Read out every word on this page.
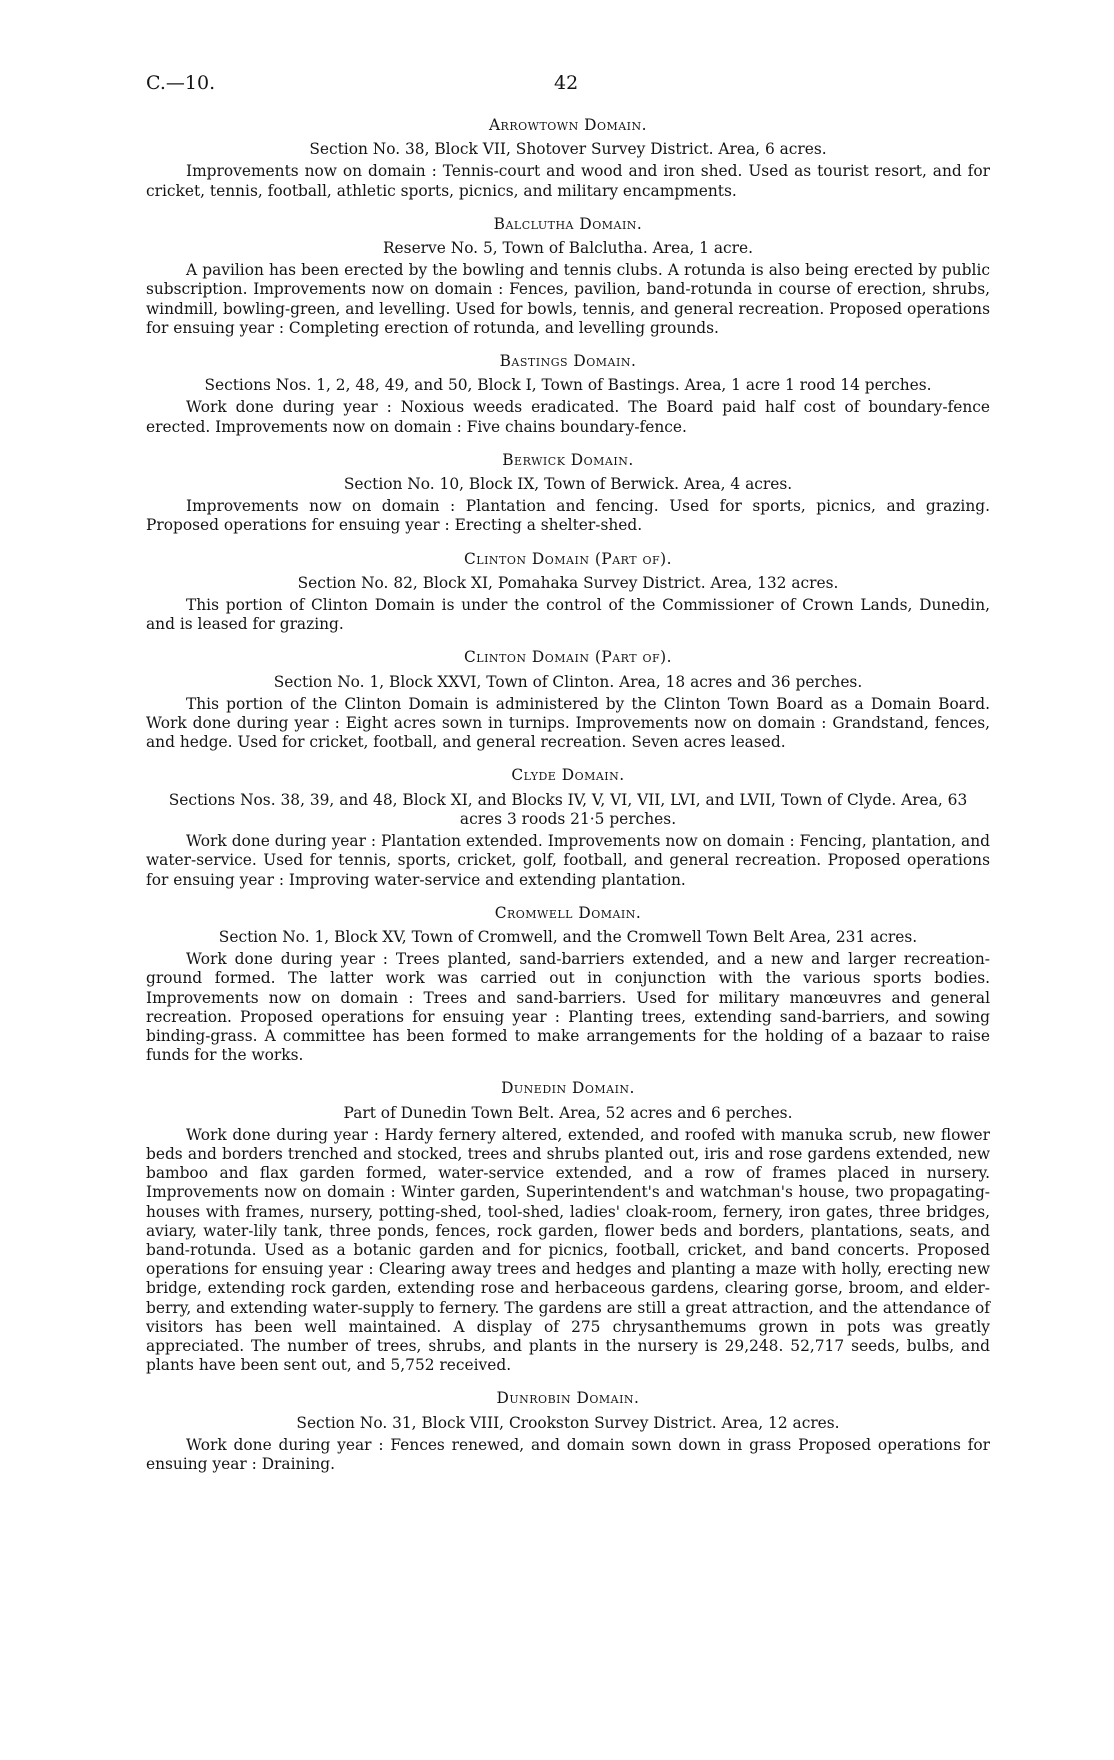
C.—10.	42
Arrowtown Domain.
Section No. 38, Block VII, Shotover Survey District. Area, 6 acres.

Improvements now on domain : Tennis-court and wood and iron shed. Used as tourist resort, and for cricket, tennis, football, athletic sports, picnics, and military encampments.

Balclutha Domain.
Reserve No. 5, Town of Balclutha. Area, 1 acre.

A pavilion has been erected by the bowling and tennis clubs. A rotunda is also being erected by public subscription. Improvements now on domain : Fences, pavilion, band-rotunda in course of erection, shrubs, windmill, bowling-green, and levelling. Used for bowls, tennis, and general recreation. Proposed operations for ensuing year : Completing erection of rotunda, and levelling grounds.

Bastings Domain.
Sections Nos. 1, 2, 48, 49, and 50, Block I, Town of Bastings. Area, 1 acre 1 rood 14 perches.

Work done during year : Noxious weeds eradicated. The Board paid half cost of boundary-fence erected. Improvements now on domain : Five chains boundary-fence.

Berwick Domain.
Section No. 10, Block IX, Town of Berwick. Area, 4 acres.

Improvements now on domain : Plantation and fencing. Used for sports, picnics, and grazing. Proposed operations for ensuing year : Erecting a shelter-shed.

Clinton Domain (Part of).
Section No. 82, Block XI, Pomahaka Survey District. Area, 132 acres.

This portion of Clinton Domain is under the control of the Commissioner of Crown Lands, Dunedin, and is leased for grazing.

Clinton Domain (Part of).
Section No. 1, Block XXVI, Town of Clinton. Area, 18 acres and 36 perches.

This portion of the Clinton Domain is administered by the Clinton Town Board as a Domain Board. Work done during year : Eight acres sown in turnips. Improvements now on domain : Grandstand, fences, and hedge. Used for cricket, football, and general recreation. Seven acres leased.

Clyde Domain.
Sections Nos. 38, 39, and 48, Block XI, and Blocks IV, V, VI, VII, LVI, and LVII, Town of Clyde. Area, 63 acres 3 roods 21·5 perches.

Work done during year : Plantation extended. Improvements now on domain : Fencing, plantation, and water-service. Used for tennis, sports, cricket, golf, football, and general recreation. Proposed operations for ensuing year : Improving water-service and extending plantation.

Cromwell Domain.
Section No. 1, Block XV, Town of Cromwell, and the Cromwell Town Belt Area, 231 acres.

Work done during year : Trees planted, sand-barriers extended, and a new and larger recreation-ground formed. The latter work was carried out in conjunction with the various sports bodies. Improvements now on domain : Trees and sand-barriers. Used for military manœuvres and general recreation. Proposed operations for ensuing year : Planting trees, extending sand-barriers, and sowing binding-grass. A committee has been formed to make arrangements for the holding of a bazaar to raise funds for the works.

Dunedin Domain.
Part of Dunedin Town Belt. Area, 52 acres and 6 perches.

Work done during year : Hardy fernery altered, extended, and roofed with manuka scrub, new flower beds and borders trenched and stocked, trees and shrubs planted out, iris and rose gardens extended, new bamboo and flax garden formed, water-service extended, and a row of frames placed in nursery. Improvements now on domain : Winter garden, Superintendent's and watchman's house, two propagating-houses with frames, nursery, potting-shed, tool-shed, ladies' cloak-room, fernery, iron gates, three bridges, aviary, water-lily tank, three ponds, fences, rock garden, flower beds and borders, plantations, seats, and band-rotunda. Used as a botanic garden and for picnics, football, cricket, and band concerts. Proposed operations for ensuing year : Clearing away trees and hedges and planting a maze with holly, erecting new bridge, extending rock garden, extending rose and herbaceous gardens, clearing gorse, broom, and elder-berry, and extending water-supply to fernery. The gardens are still a great attraction, and the attendance of visitors has been well maintained. A display of 275 chrysanthemums grown in pots was greatly appreciated. The number of trees, shrubs, and plants in the nursery is 29,248. 52,717 seeds, bulbs, and plants have been sent out, and 5,752 received.

Dunrobin Domain.
Section No. 31, Block VIII, Crookston Survey District. Area, 12 acres.

Work done during year : Fences renewed, and domain sown down in grass Proposed operations for ensuing year : Draining.
